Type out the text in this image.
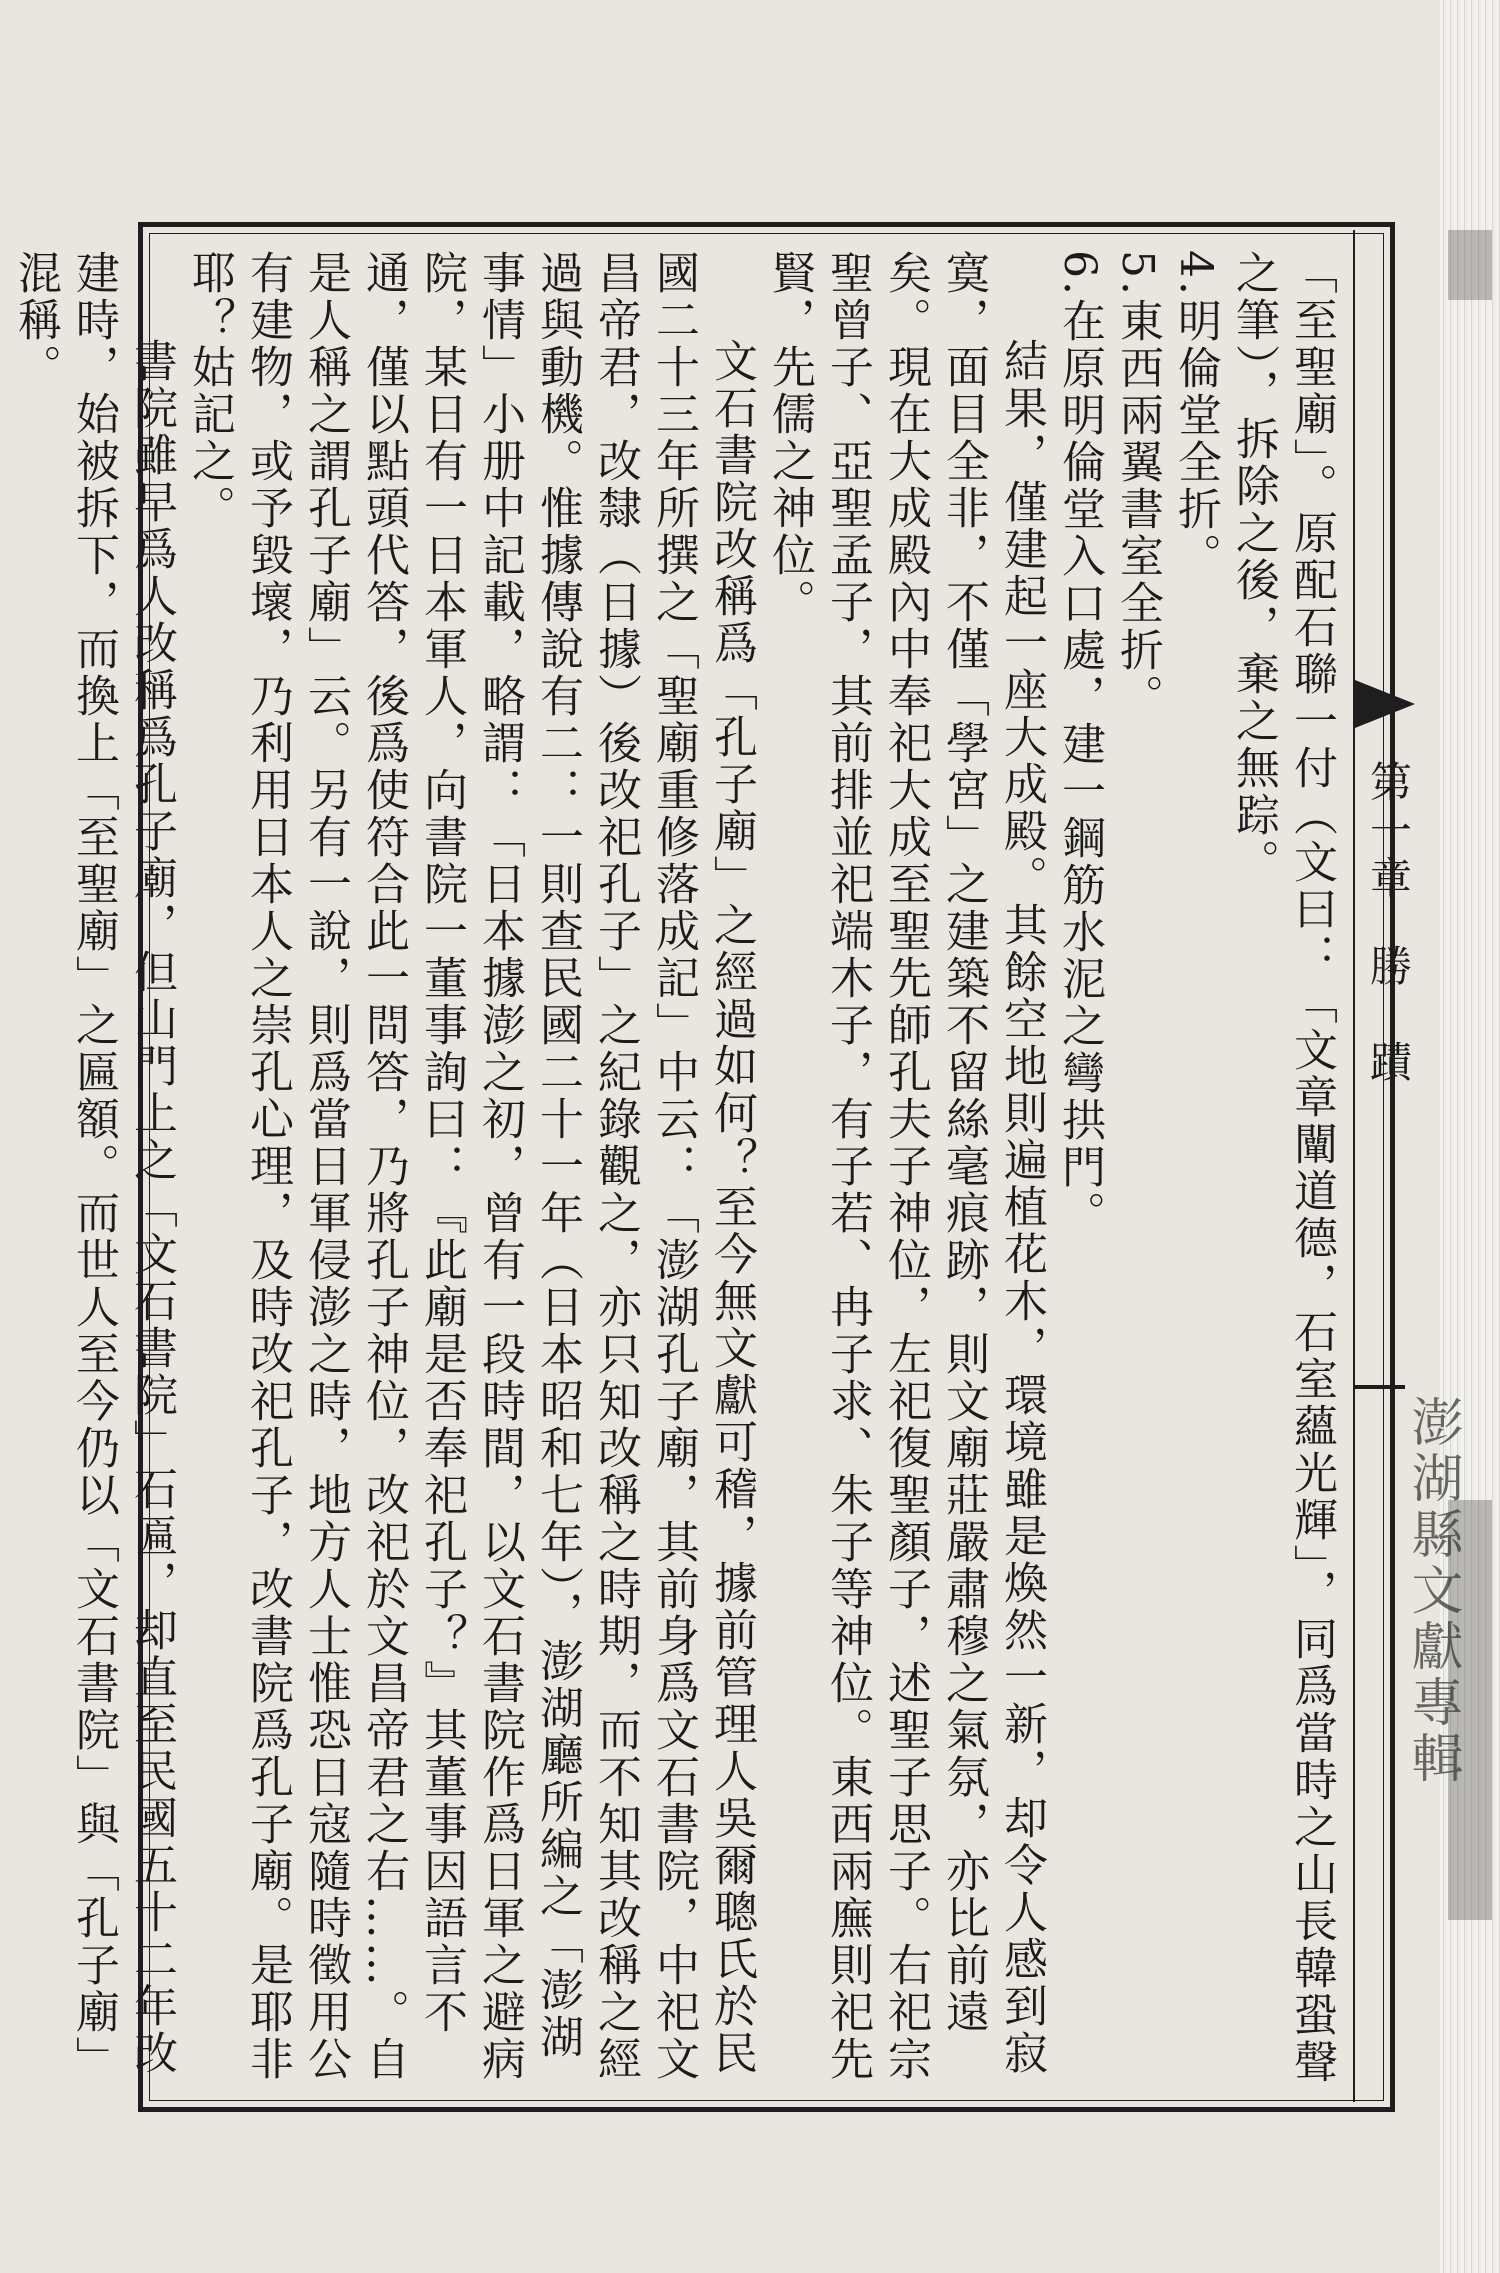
第一章勝　蹟
澎湖縣文獻專輯

「至聖廟」。原配石聯一付（文曰：「文章闡道德，石室蘊光輝」，同爲當時之山長韓蛩聲之筆），拆除之後，棄之無踪。

4.明倫堂全折。

5.東西兩翼書室全折。

6.在原明倫堂入口處，建一鋼筋水泥之彎拱門。

結果，僅建起一座大成殿。其餘空地則遍植花木，環境雖是煥然一新，却令人感到寂寞，面目全非，不僅「學宮」之建築不留絲毫痕跡，則文廟莊嚴肅穆之氣氛，亦比前遠矣。現在大成殿內中奉祀大成至聖先師孔夫子神位，左祀復聖顏子，述聖子思子。右祀宗聖曾子、亞聖孟子，其前排並祀端木子，有子若、冉子求、朱子等神位。東西兩廡則祀先賢，先儒之神位。

文石書院改稱爲「孔子廟」之經過如何？至今無文獻可稽，據前管理人吳爾聰氏於民國二十三年所撰之「聖廟重修落成記」中云：「澎湖孔子廟，其前身爲文石書院，中祀文昌帝君，改隸（日據）後改祀孔子」之紀錄觀之，亦只知改稱之時期，而不知其改稱之經過與動機。惟據傳說有二：一則查民國二十一年（日本昭和七年），澎湖廳所編之「澎湖事情」小册中記載，略謂：「日本據澎之初，曾有一段時間，以文石書院作爲日軍之避病院，某日有一日本軍人，向書院一董事詢曰：『此廟是否奉祀孔子？』其董事因語言不通，僅以點頭代答，後爲使符合此一問答，乃將孔子神位，改祀於文昌帝君之右……。自是人稱之謂孔子廟」云。另有一說，則爲當日軍侵澎之時，地方人士惟恐日寇隨時徵用公有建物，或予毀壞，乃利用日本人之崇孔心理，及時改祀孔子，改書院爲孔子廟。是耶非耶？姑記之。

書院雖早爲人改稱爲孔子廟，但山門上之「文石書院」石匾，却直至民國五十二年改建時，始被拆下，而換上「至聖廟」之匾額。而世人至今仍以「文石書院」與「孔子廟」混稱。
